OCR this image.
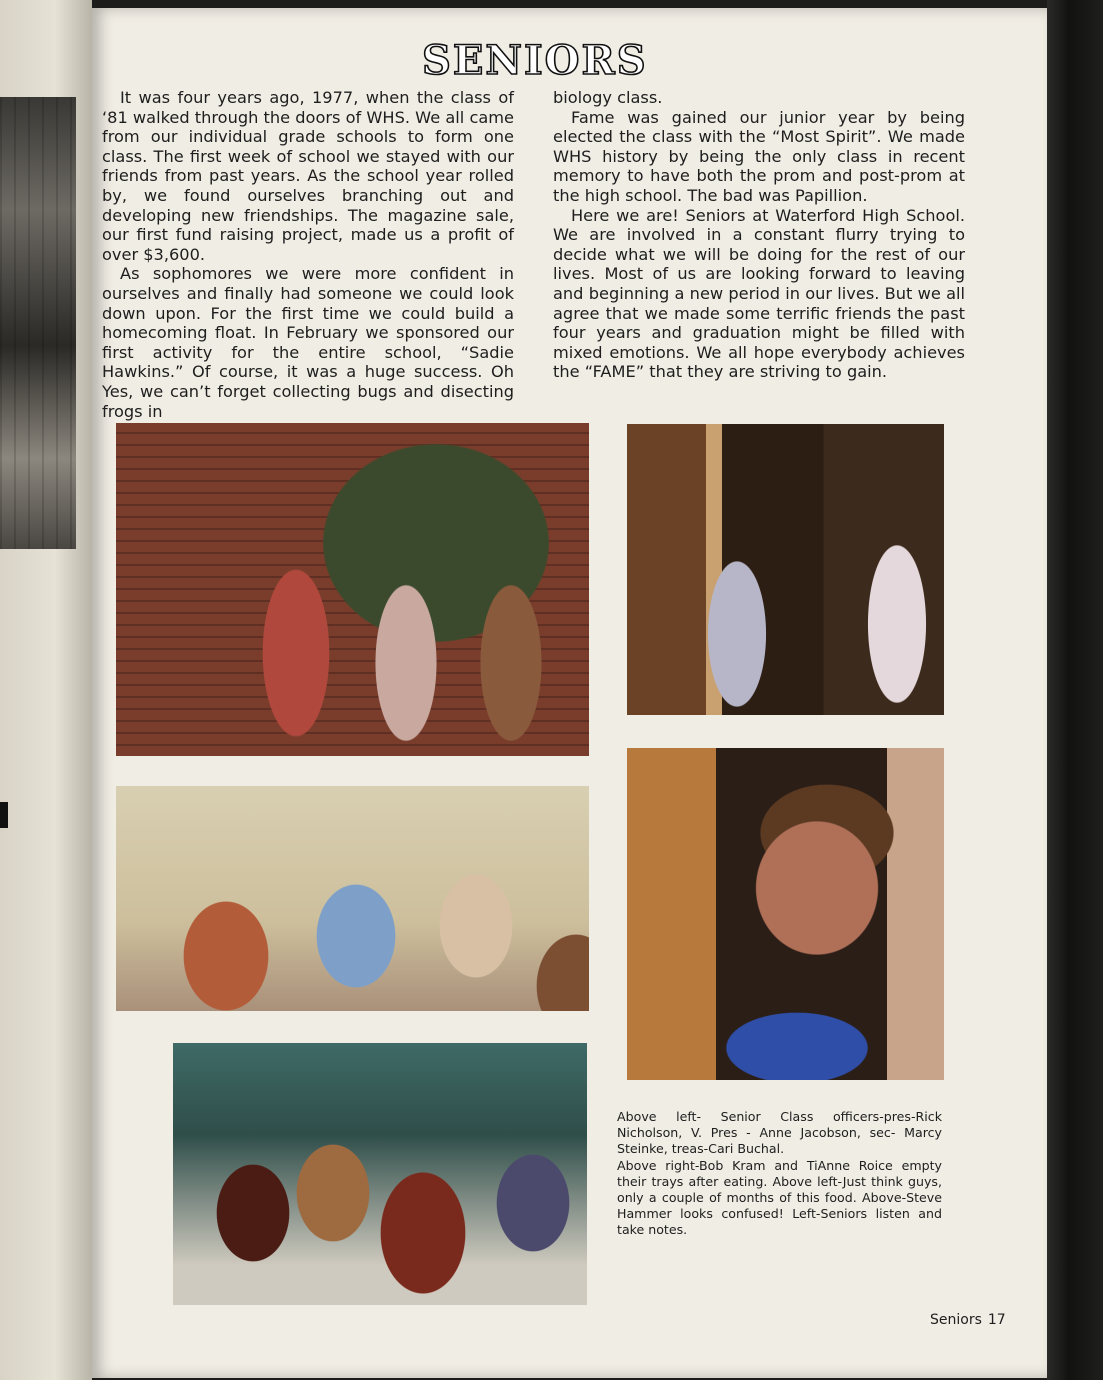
SENIORS

It was four years ago, 1977, when the class of ‘81 walked through the doors of WHS. We all came from our individual grade schools to form one class. The first week of school we stayed with our friends from past years. As the school year rolled by, we found ourselves branching out and developing new friendships. The magazine sale, our first fund raising project, made us a profit of over $3,600.

As sophomores we were more confident in ourselves and finally had someone we could look down upon. For the first time we could build a homecoming float. In February we sponsored our first activity for the entire school, “Sadie Hawkins.” Of course, it was a huge success. Oh Yes, we can’t forget collecting bugs and disecting frogs in

biology class.

Fame was gained our junior year by being elected the class with the “Most Spirit”. We made WHS history by being the only class in recent memory to have both the prom and post-prom at the high school. The bad was Papillion.

Here we are! Seniors at Waterford High School. We are involved in a constant flurry trying to decide what we will be doing for the rest of our lives. Most of us are looking forward to leaving and beginning a new period in our lives. But we all agree that we made some terrific friends the past four years and graduation might be filled with mixed emotions. We all hope everybody achieves the “FAME” that they are striving to gain.

Above left- Senior Class officers-pres-Rick Nicholson, V. Pres - Anne Jacobson, sec- Marcy Steinke, treas-Cari Buchal.

Above right-Bob Kram and TiAnne Roice empty their trays after eating. Above left-Just think guys, only a couple of months of this food. Above-Steve Hammer looks confused! Left-Seniors listen and take notes.

Seniors 17
